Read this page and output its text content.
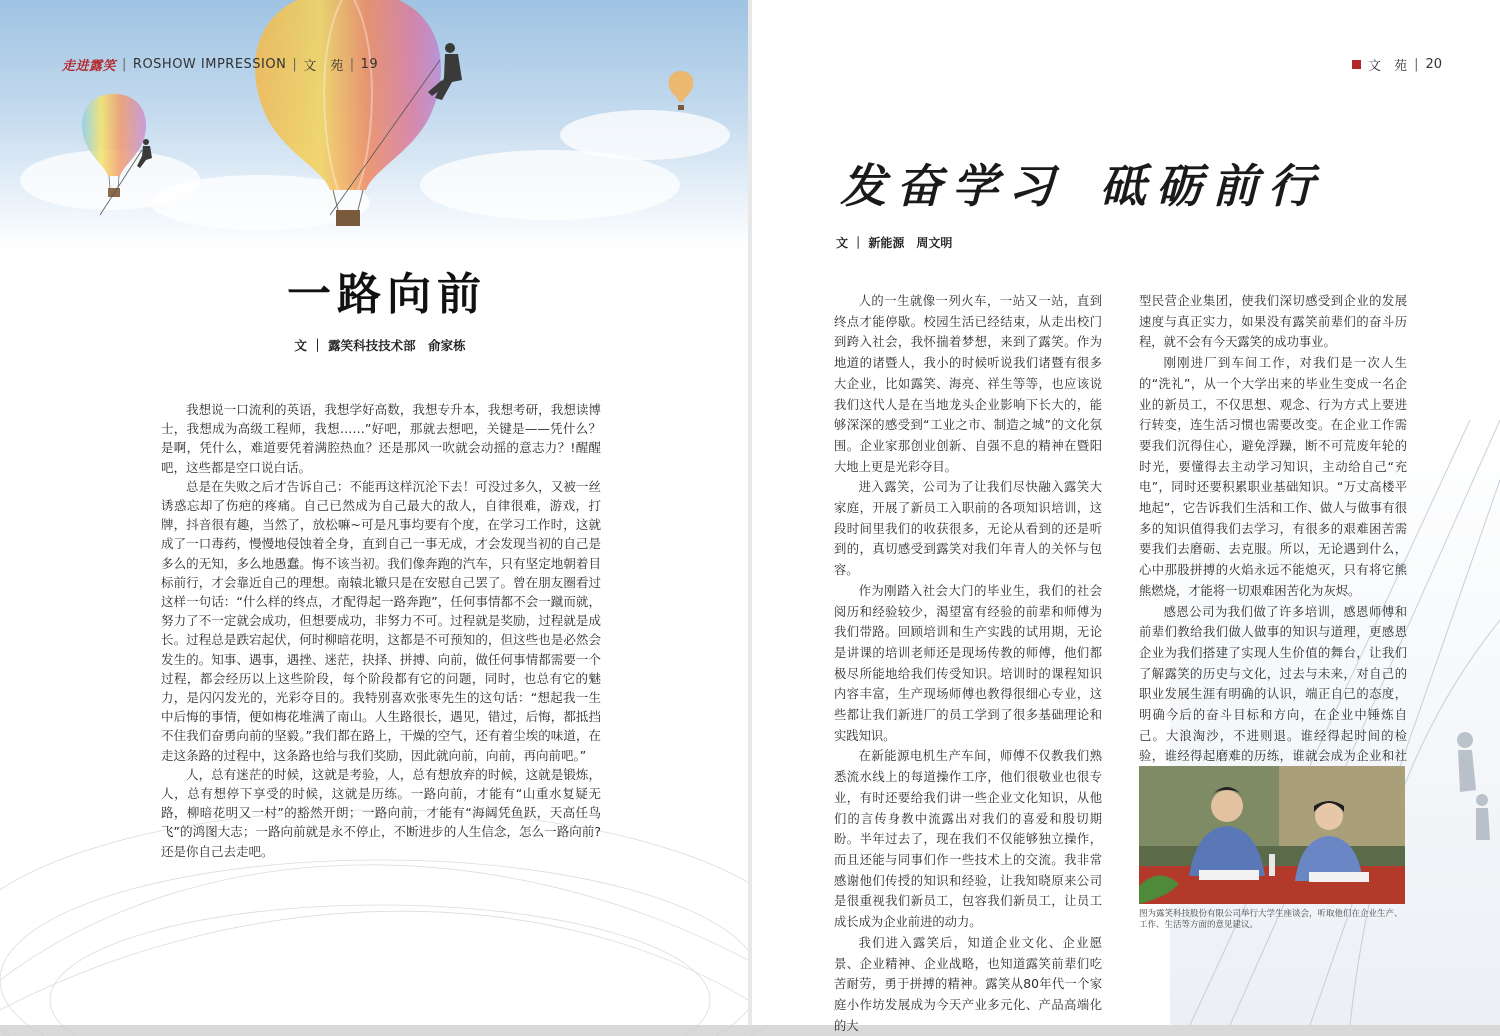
走进露笑 | ROSHOW IMPRESSION | 文　苑 | 19
一路向前
文 ｜ 露笑科技技术部　俞家栋

我想说一口流利的英语，我想学好高数，我想专升本，我想考研，我想读博士，我想成为高级工程师，我想……”好吧，那就去想吧，关键是——凭什么？是啊，凭什么，难道要凭着满腔热血？还是那风一吹就会动摇的意志力？!醒醒吧，这些都是空口说白话。

总是在失败之后才告诉自己：不能再这样沉沦下去！可没过多久，又被一丝诱惑忘却了伤疤的疼痛。自己已然成为自己最大的敌人，自律很难，游戏，打牌，抖音很有趣，当然了，放松嘛~可是凡事均要有个度，在学习工作时，这就成了一口毒药，慢慢地侵蚀着全身，直到自己一事无成，才会发现当初的自己是多么的无知，多么地愚蠢。悔不该当初。我们像奔跑的汽车，只有坚定地朝着目标前行，才会靠近自己的理想。南辕北辙只是在安慰自己罢了。曾在朋友圈看过这样一句话：“什么样的终点，才配得起一路奔跑”，任何事情都不会一蹴而就，努力了不一定就会成功，但想要成功，非努力不可。过程就是奖励，过程就是成长。过程总是跌宕起伏，何时柳暗花明，这都是不可预知的，但这些也是必然会发生的。知事、遇事，遇挫、迷茫，抉择、拼搏、向前，做任何事情都需要一个过程，都会经历以上这些阶段，每个阶段都有它的问题，同时，也总有它的魅力，是闪闪发光的，光彩夺目的。我特别喜欢张枣先生的这句话：“想起我一生中后悔的事情，便如梅花堆满了南山。人生路很长，遇见，错过，后悔，都抵挡不住我们奋勇向前的坚毅。”我们都在路上，干燥的空气，还有着尘埃的味道，在走这条路的过程中，这条路也给与我们奖励，因此就向前，向前，再向前吧。”

人，总有迷茫的时候，这就是考验，人，总有想放弃的时候，这就是锻炼，人，总有想停下享受的时候，这就是历练。一路向前，才能有“山重水复疑无路，柳暗花明又一村”的豁然开朗；一路向前，才能有“海阔凭鱼跃，天高任鸟飞”的鸿图大志；一路向前就是永不停止，不断进步的人生信念，怎么一路向前?还是你自己去走吧。

文　苑 | 20
发奋学习 砥砺前行
文 ｜ 新能源　周文明

人的一生就像一列火车，一站又一站，直到终点才能停歇。校园生活已经结束，从走出校门到跨入社会，我怀揣着梦想，来到了露笑。作为地道的诸暨人，我小的时候听说我们诸暨有很多大企业，比如露笑、海亮、祥生等等，也应该说我们这代人是在当地龙头企业影响下长大的，能够深深的感受到“工业之市、制造之城”的文化氛围。企业家那创业创新、自强不息的精神在暨阳大地上更是光彩夺目。

进入露笑，公司为了让我们尽快融入露笑大家庭，开展了新员工入职前的各项知识培训，这段时间里我们的收获很多，无论从看到的还是听到的，真切感受到露笑对我们年青人的关怀与包容。

作为刚踏入社会大门的毕业生，我们的社会阅历和经验较少，渴望富有经验的前辈和师傅为我们带路。回顾培训和生产实践的试用期，无论是讲课的培训老师还是现场传教的师傅，他们都极尽所能地给我们传受知识。培训时的课程知识内容丰富，生产现场师傅也教得很细心专业，这些都让我们新进厂的员工学到了很多基础理论和实践知识。

在新能源电机生产车间，师傅不仅教我们熟悉流水线上的每道操作工序，他们很敬业也很专业，有时还要给我们讲一些企业文化知识，从他们的言传身教中流露出对我们的喜爱和殷切期盼。半年过去了，现在我们不仅能够独立操作，而且还能与同事们作一些技术上的交流。我非常感谢他们传授的知识和经验，让我知晓原来公司是很重视我们新员工，包容我们新员工，让员工成长成为企业前进的动力。

我们进入露笑后，知道企业文化、企业愿景、企业精神、企业战略，也知道露笑前辈们吃苦耐劳，勇于拼搏的精神。露笑从80年代一个家庭小作坊发展成为今天产业多元化、产品高端化的大

型民营企业集团，使我们深切感受到企业的发展速度与真正实力，如果没有露笑前辈们的奋斗历程，就不会有今天露笑的成功事业。

刚刚进厂到车间工作，对我们是一次人生的“洗礼”，从一个大学出来的毕业生变成一名企业的新员工，不仅思想、观念、行为方式上要进行转变，连生活习惯也需要改变。在企业工作需要我们沉得住心，避免浮躁，断不可荒废年轮的时光，要懂得去主动学习知识，主动给自己“充电”，同时还要积累职业基础知识。“万丈高楼平地起”，它告诉我们生活和工作、做人与做事有很多的知识值得我们去学习，有很多的艰难困苦需要我们去磨砺、去克服。所以，无论遇到什么，心中那股拼搏的火焰永远不能熄灭，只有将它熊熊燃烧，才能将一切艰难困苦化为灰烬。

感恩公司为我们做了许多培训，感恩师傅和前辈们教给我们做人做事的知识与道理，更感恩企业为我们搭建了实现人生价值的舞台，让我们了解露笑的历史与文化，过去与未来，对自己的职业发展生涯有明确的认识，端正自己的态度，明确今后的奋斗目标和方向，在企业中锤炼自己。大浪淘沙，不进则退。谁经得起时间的检验，谁经得起磨难的历练，谁就会成为企业和社

图为露笑科技股份有限公司举行大学生座谈会，听取他们在企业生产、工作、生活等方面的意见建议。
